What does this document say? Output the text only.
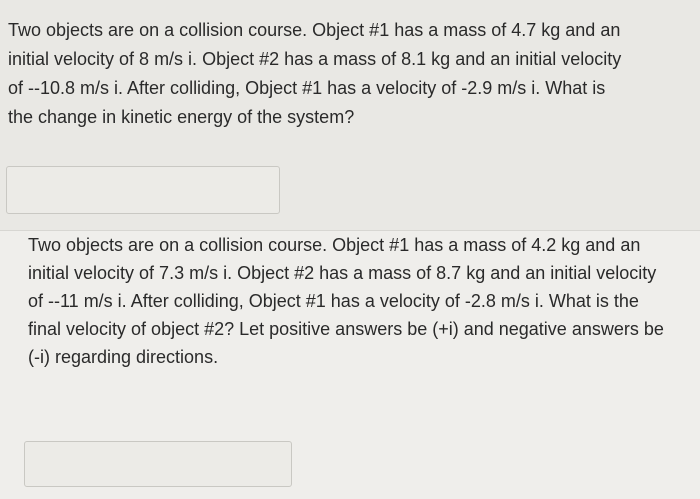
Two objects are on a collision course. Object #1 has a mass of 4.7 kg and an
initial velocity of 8 m/s i. Object #2 has a mass of 8.1 kg and an initial velocity
of --10.8 m/s i. After colliding, Object #1 has a velocity of -2.9 m/s i. What is
the change in kinetic energy of the system?
Two objects are on a collision course. Object #1 has a mass of 4.2 kg and an
initial velocity of 7.3 m/s i. Object #2 has a mass of 8.7 kg and an initial velocity
of --11 m/s i. After colliding, Object #1 has a velocity of -2.8 m/s i. What is the
final velocity of object #2? Let positive answers be (+i) and negative answers be
(-i) regarding directions.
